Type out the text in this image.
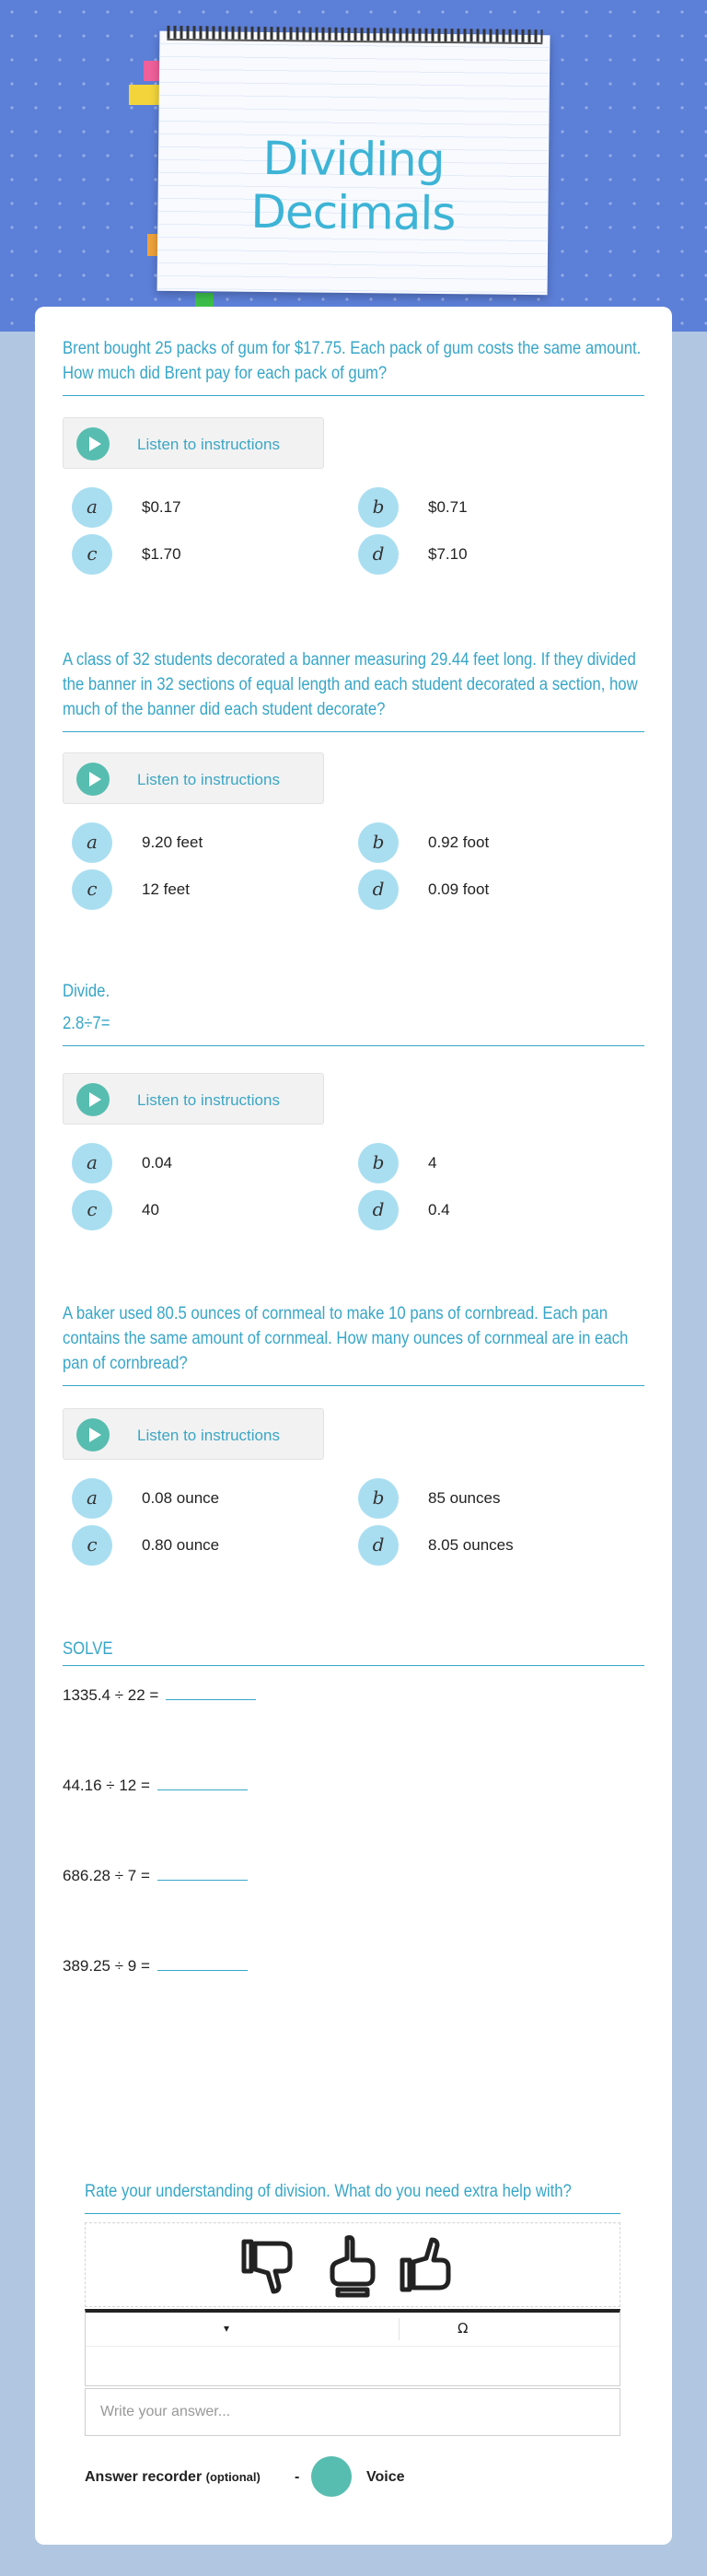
Dividing Decimals

Brent bought 25 packs of gum for $17.75. Each pack of gum costs the same amount. How much did Brent pay for each pack of gum?

Listen to instructions
a	$0.17	b	$0.71
c	$1.70	d	$7.10

A class of 32 students decorated a banner measuring 29.44 feet long. If they divided the banner in 32 sections of equal length and each student decorated a section, how much of the banner did each student decorate?

Listen to instructions
a	9.20 feet	b	0.92 foot
c	12 feet	d	0.09 foot

Divide.

2.8÷7=

Listen to instructions
a	0.04	b	4
c	40	d	0.4

A baker used 80.5 ounces of cornmeal to make 10 pans of cornbread. Each pan contains the same amount of cornmeal. How many ounces of cornmeal are in each pan of cornbread?

Listen to instructions
a	0.08 ounce	b	85 ounces
c	0.80 ounce	d	8.05 ounces

SOLVE

1335.4 ÷ 22 =
44.16 ÷ 12 =
686.28 ÷ 7 =
389.25 ÷ 9 =
Rate your understanding of division. What do you need extra help with?
▾	Ω
Write your answer...
Answer recorder (optional) -	Voice
